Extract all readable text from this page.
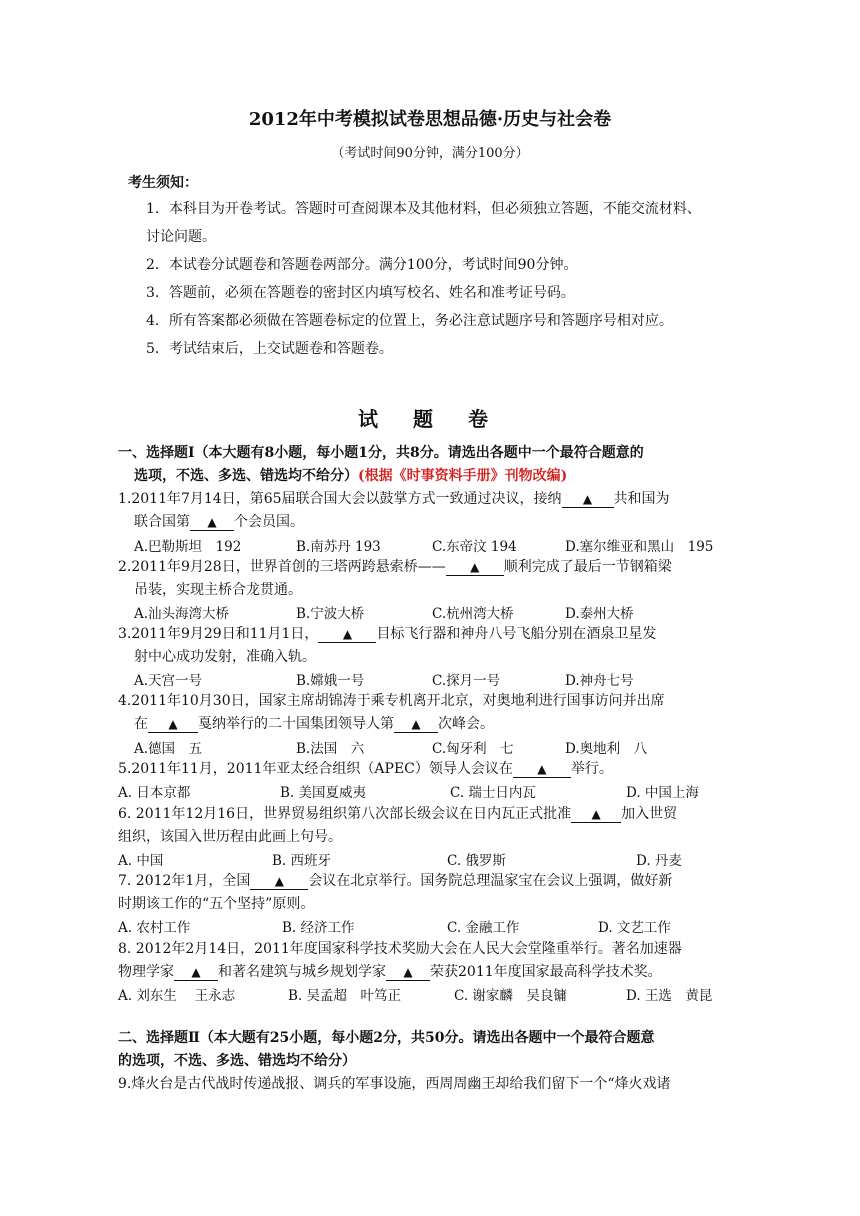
2012年中考模拟试卷思想品德·历史与社会卷
（考试时间90分钟，满分100分）
考生须知：
1．本科目为开卷考试。答题时可查阅课本及其他材料，但必须独立答题，不能交流材料、
讨论问题。
2．本试卷分试题卷和答题卷两部分。满分100分，考试时间90分钟。
3．答题前，必须在答题卷的密封区内填写校名、姓名和准考证号码。
4．所有答案都必须做在答题卷标定的位置上，务必注意试题序号和答题序号相对应。
5．考试结束后，上交试题卷和答题卷。
试 题 卷
一、选择题Ⅰ（本大题有8小题，每小题1分，共8分。请选出各题中一个最符合题意的
选项，不选、多选、错选均不给分）(根据《时事资料手册》刊物改编)
1.2011年7月14日，第65届联合国大会以鼓掌方式一致通过决议，接纳 ▲ 共和国为
联合国第 ▲ 个会员国。
A.巴勒斯坦　192	B.南苏丹 193	C.东帝汶 194	D.塞尔维亚和黑山　195
2.2011年9月28日，世界首创的三塔两跨悬索桥—— ▲ 顺利完成了最后一节钢箱梁
吊装，实现主桥合龙贯通。
A.汕头海湾大桥	B.宁波大桥	C.杭州湾大桥	D.泰州大桥
3.2011年9月29日和11月1日， ▲ 目标飞行器和神舟八号飞船分别在酒泉卫星发
射中心成功发射，准确入轨。
A.天宫一号	B.嫦娥一号	C.探月一号	D.神舟七号
4.2011年10月30日，国家主席胡锦涛于乘专机离开北京，对奥地利进行国事访问并出席
在 ▲ 戛纳举行的二十国集团领导人第 ▲ 次峰会。
A.德国　五	B.法国　六	C.匈牙利　七	D.奥地利　八
5.2011年11月，2011年亚太经合组织（APEC）领导人会议在 ▲ 举行。
A. 日本京都	B. 美国夏威夷	C. 瑞士日内瓦	D. 中国上海
6. 2011年12月16日，世界贸易组织第八次部长级会议在日内瓦正式批准 ▲ 加入世贸
组织，该国入世历程由此画上句号。
A. 中国	B. 西班牙	C. 俄罗斯	D. 丹麦
7. 2012年1月，全国 ▲ 会议在北京举行。国务院总理温家宝在会议上强调，做好新
时期该工作的“五个坚持”原则。
A. 农村工作	B. 经济工作	C. 金融工作	D. 文艺工作
8. 2012年2月14日，2011年度国家科学技术奖励大会在人民大会堂隆重举行。著名加速器
物理学家 ▲ 和著名建筑与城乡规划学家 ▲ 荣获2011年度国家最高科学技术奖。
A. 刘东生　 王永志	B. 吴孟超　叶笃正	C. 谢家麟　吴良镛	D. 王选　黄昆
二、选择题Ⅱ（本大题有25小题，每小题2分，共50分。请选出各题中一个最符合题意
的选项，不选、多选、错选均不给分）
9.烽火台是古代战时传递战报、调兵的军事设施，西周周幽王却给我们留下一个“烽火戏诸
